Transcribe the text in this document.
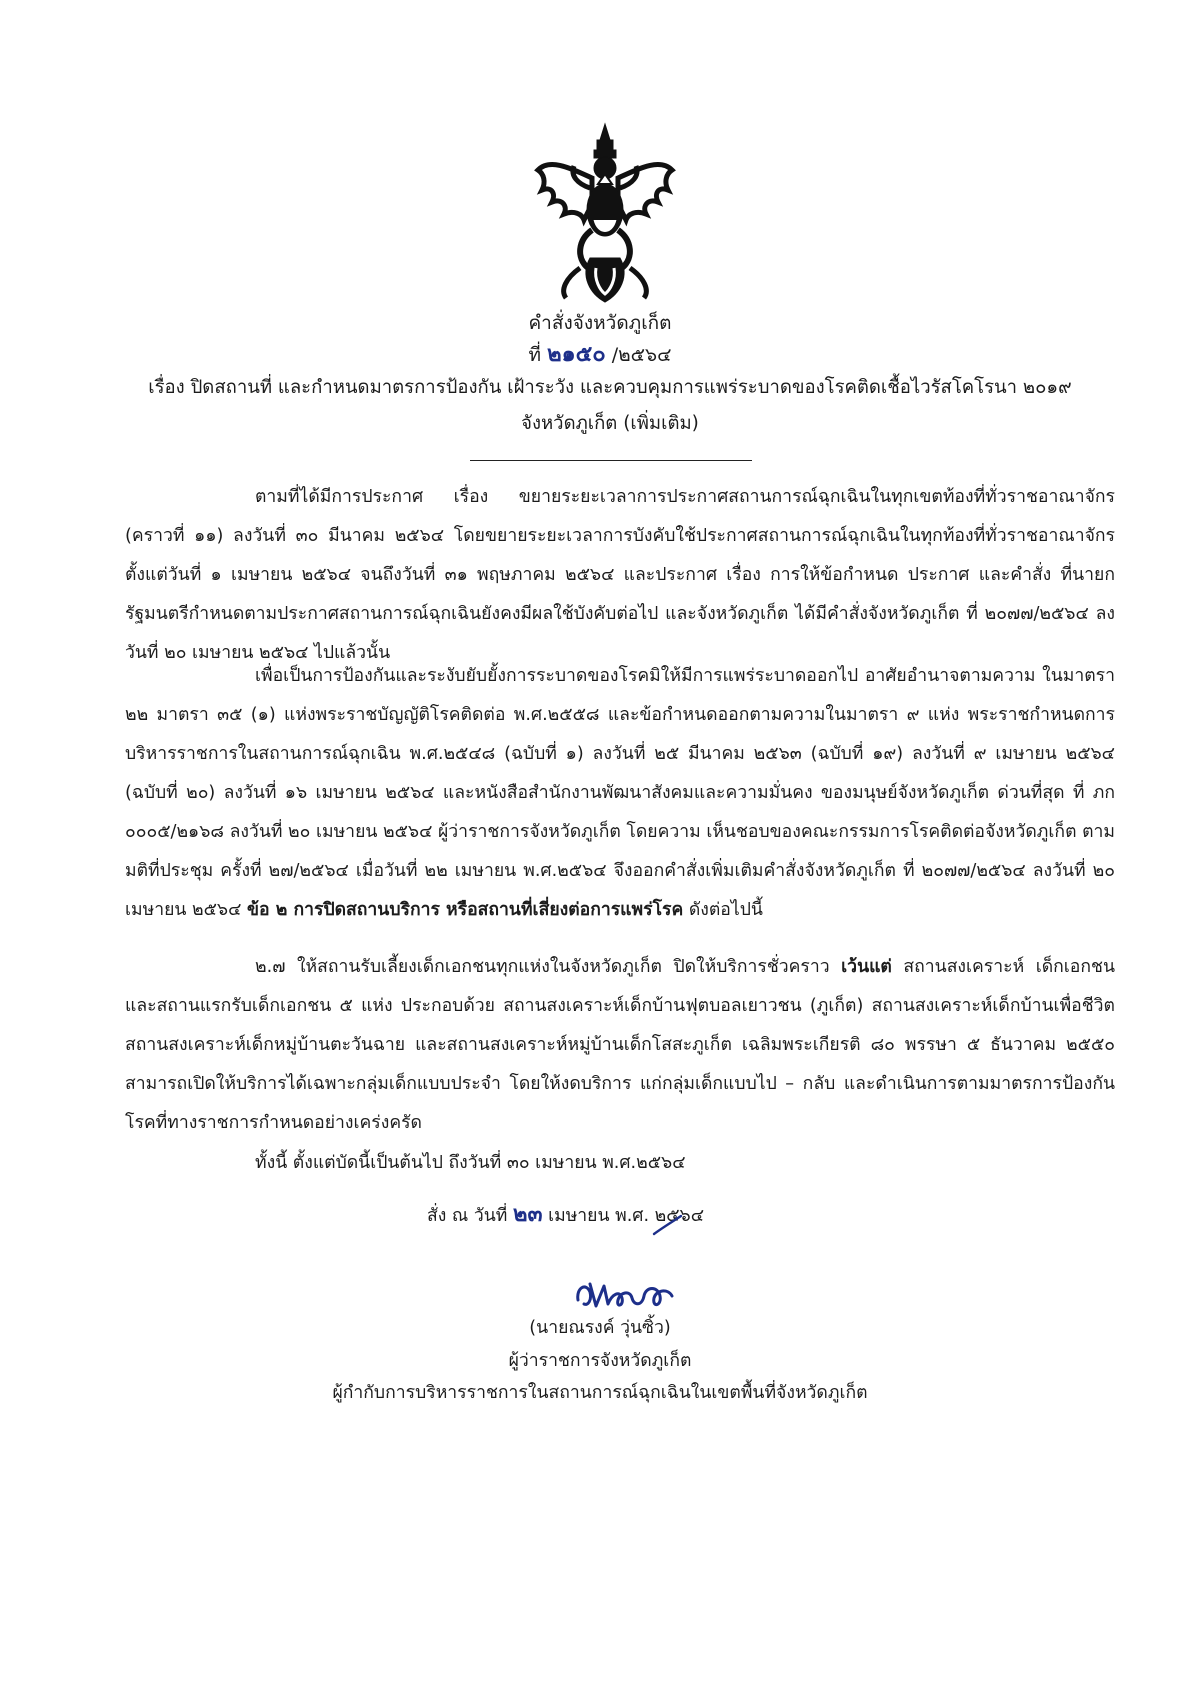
คำสั่งจังหวัดภูเก็ต
ที่ ๒๑๕๐ /๒๕๖๔
เรื่อง ปิดสถานที่ และกำหนดมาตรการป้องกัน เฝ้าระวัง และควบคุมการแพร่ระบาดของโรคติดเชื้อไวรัสโคโรนา ๒๐๑๙
จังหวัดภูเก็ต (เพิ่มเติม)

ตามที่ได้มีการประกาศ เรื่อง ขยายระยะเวลาการประกาศสถานการณ์ฉุกเฉินในทุกเขตท้องที่ทั่วราชอาณาจักร (คราวที่ ๑๑) ลงวันที่ ๓๐ มีนาคม ๒๕๖๔ โดยขยายระยะเวลาการบังคับใช้ประกาศสถานการณ์ฉุกเฉินในทุกท้องที่ทั่วราชอาณาจักร ตั้งแต่วันที่ ๑ เมษายน ๒๕๖๔ จนถึงวันที่ ๓๑ พฤษภาคม ๒๕๖๔ และประกาศ เรื่อง การให้ข้อกำหนด ประกาศ และคำสั่ง ที่นายกรัฐมนตรีกำหนดตามประกาศสถานการณ์ฉุกเฉินยังคงมีผลใช้บังคับต่อไป และจังหวัดภูเก็ต ได้มีคำสั่งจังหวัดภูเก็ต ที่ ๒๐๗๗/๒๕๖๔ ลงวันที่ ๒๐ เมษายน ๒๕๖๔ ไปแล้วนั้น

เพื่อเป็นการป้องกันและระงับยับยั้งการระบาดของโรคมิให้มีการแพร่ระบาดออกไป อาศัยอำนาจตามความ ในมาตรา ๒๒ มาตรา ๓๕ (๑) แห่งพระราชบัญญัติโรคติดต่อ พ.ศ.๒๕๕๘ และข้อกำหนดออกตามความในมาตรา ๙ แห่ง พระราชกำหนดการบริหารราชการในสถานการณ์ฉุกเฉิน พ.ศ.๒๕๔๘ (ฉบับที่ ๑) ลงวันที่ ๒๕ มีนาคม ๒๕๖๓ (ฉบับที่ ๑๙) ลงวันที่ ๙ เมษายน ๒๕๖๔ (ฉบับที่ ๒๐) ลงวันที่ ๑๖ เมษายน ๒๕๖๔ และหนังสือสำนักงานพัฒนาสังคมและความมั่นคง ของมนุษย์จังหวัดภูเก็ต ด่วนที่สุด ที่ ภก ๐๐๐๕/๒๑๖๘ ลงวันที่ ๒๐ เมษายน ๒๕๖๔ ผู้ว่าราชการจังหวัดภูเก็ต โดยความ เห็นชอบของคณะกรรมการโรคติดต่อจังหวัดภูเก็ต ตามมติที่ประชุม ครั้งที่ ๒๗/๒๕๖๔ เมื่อวันที่ ๒๒ เมษายน พ.ศ.๒๕๖๔ จึงออกคำสั่งเพิ่มเติมคำสั่งจังหวัดภูเก็ต ที่ ๒๐๗๗/๒๕๖๔ ลงวันที่ ๒๐ เมษายน ๒๕๖๔ ข้อ ๒ การปิดสถานบริการ หรือสถานที่เสี่ยงต่อการแพร่โรค ดังต่อไปนี้

๒.๗ ให้สถานรับเลี้ยงเด็กเอกชนทุกแห่งในจังหวัดภูเก็ต ปิดให้บริการชั่วคราว เว้นแต่ สถานสงเคราะห์ เด็กเอกชน และสถานแรกรับเด็กเอกชน ๕ แห่ง ประกอบด้วย สถานสงเคราะห์เด็กบ้านฟุตบอลเยาวชน (ภูเก็ต) สถานสงเคราะห์เด็กบ้านเพื่อชีวิต สถานสงเคราะห์เด็กหมู่บ้านตะวันฉาย และสถานสงเคราะห์หมู่บ้านเด็กโสสะภูเก็ต เฉลิมพระเกียรติ ๘๐ พรรษา ๕ ธันวาคม ๒๕๕๐ สามารถเปิดให้บริการได้เฉพาะกลุ่มเด็กแบบประจำ โดยให้งดบริการ แก่กลุ่มเด็กแบบไป – กลับ และดำเนินการตามมาตรการป้องกันโรคที่ทางราชการกำหนดอย่างเคร่งครัด

ทั้งนี้ ตั้งแต่บัดนี้เป็นต้นไป ถึงวันที่ ๓๐ เมษายน พ.ศ.๒๕๖๔
สั่ง ณ วันที่ ๒๓ เมษายน พ.ศ. ๒๕๖๔
(นายณรงค์ วุ่นซิ้ว)
ผู้ว่าราชการจังหวัดภูเก็ต
ผู้กำกับการบริหารราชการในสถานการณ์ฉุกเฉินในเขตพื้นที่จังหวัดภูเก็ต
